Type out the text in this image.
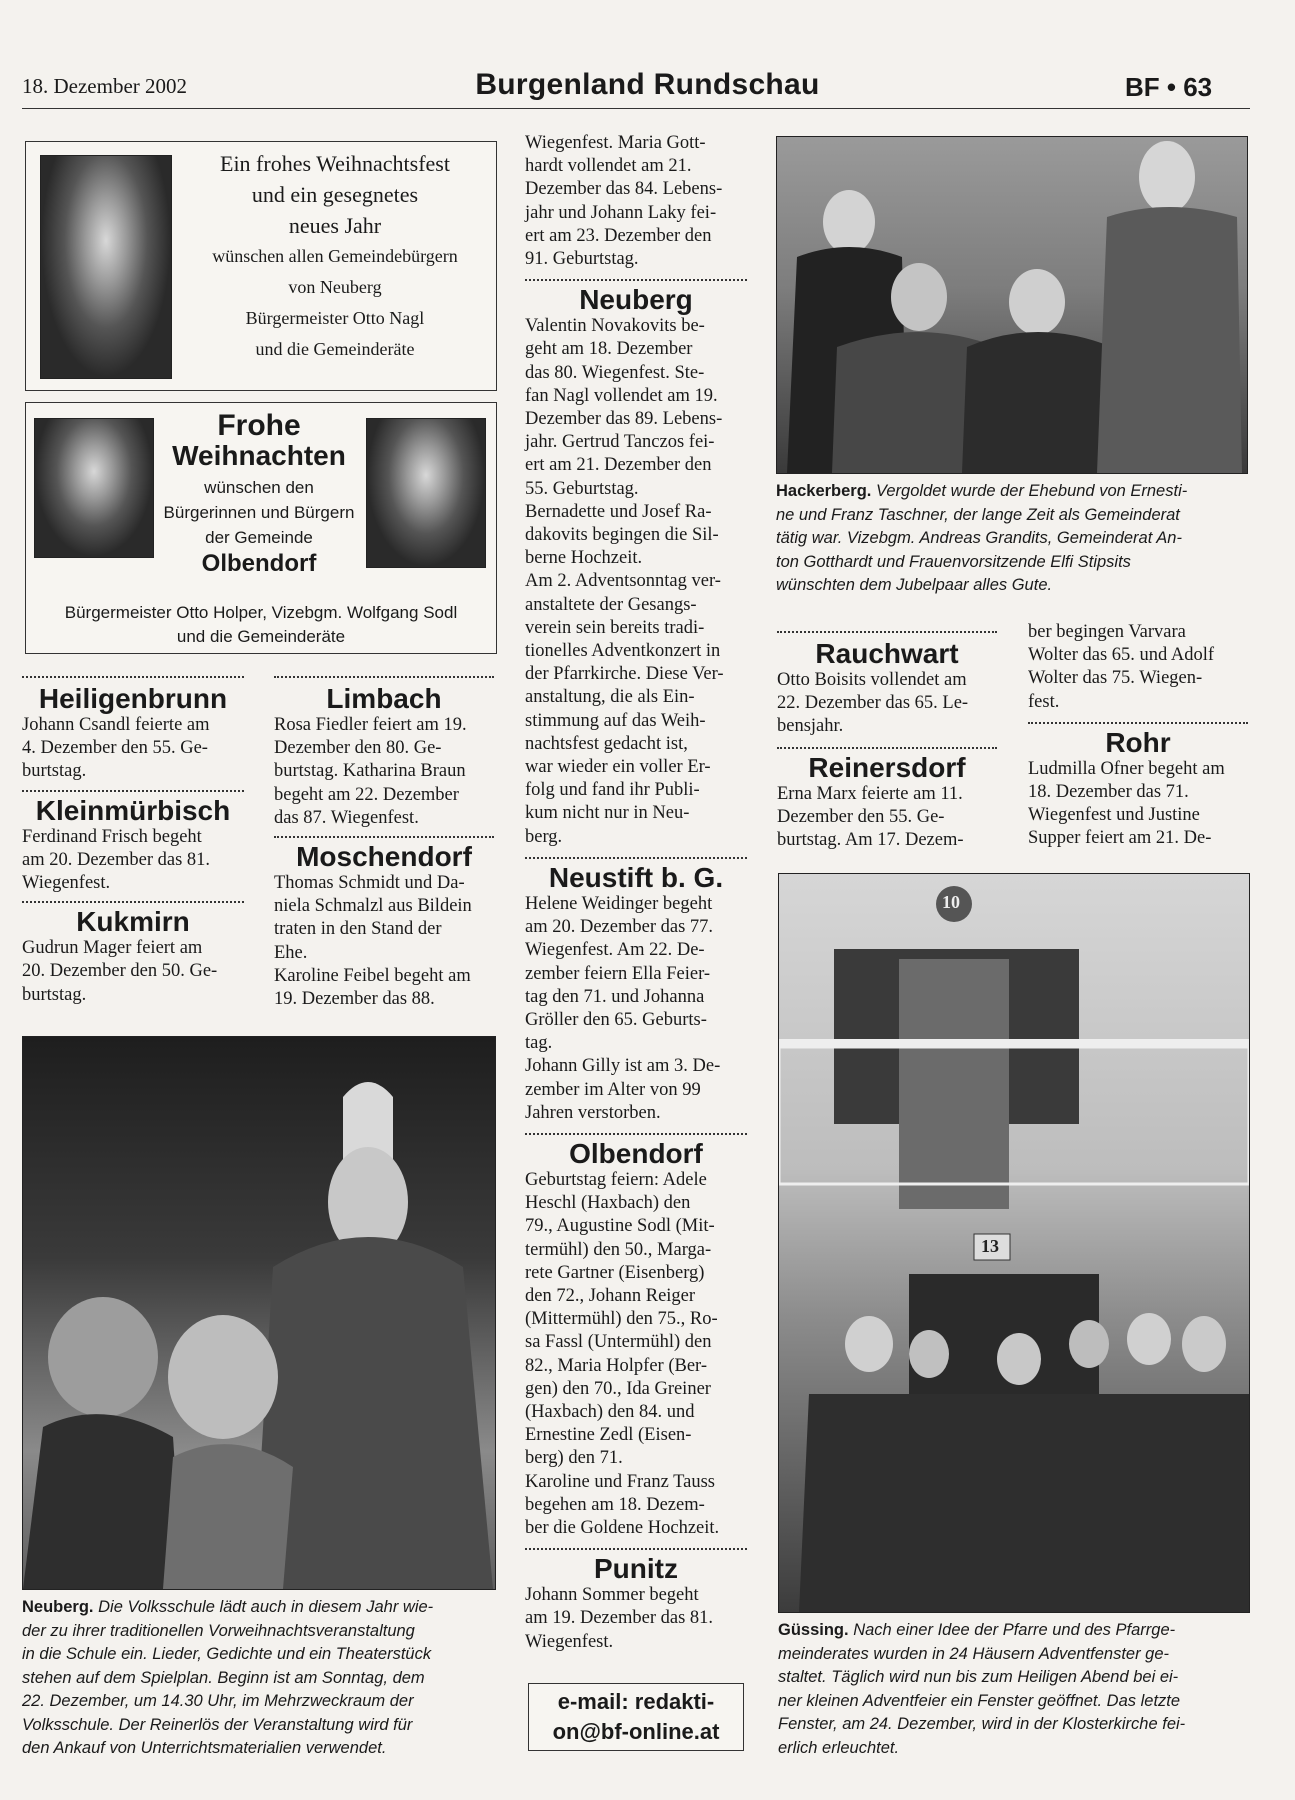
18. Dezember 2002	Burgenland Rundschau	BF • 63
Ein frohes Weihnachtsfest
und ein gesegnetes
neues Jahr
wünschen allen Gemeindebürgern
von Neuberg
Bürgermeister Otto Nagl
und die Gemeinderäte
Frohe
Weihnachten
wünschen den
Bürgerinnen und Bürgern
der Gemeinde
Olbendorf
Bürgermeister Otto Holper, Vizebgm. Wolfgang Sodl
und die Gemeinderäte
Heiligenbrunn
Johann Csandl feierte am
4. Dezember den 55. Ge-
burtstag.
Kleinmürbisch
Ferdinand Frisch begeht
am 20. Dezember das 81.
Wiegenfest.
Kukmirn
Gudrun Mager feiert am
20. Dezember den 50. Ge-
burtstag.
Limbach
Rosa Fiedler feiert am 19.
Dezember den 80. Ge-
burtstag. Katharina Braun
begeht am 22. Dezember
das 87. Wiegenfest.
Moschendorf
Thomas Schmidt und Da-
niela Schmalzl aus Bildein
traten in den Stand der
Ehe.
Karoline Feibel begeht am
19. Dezember das 88.
Neuberg. Die Volksschule lädt auch in diesem Jahr wie-
der zu ihrer traditionellen Vorweihnachtsveranstaltung
in die Schule ein. Lieder, Gedichte und ein Theaterstück
stehen auf dem Spielplan. Beginn ist am Sonntag, dem
22. Dezember, um 14.30 Uhr, im Mehrzweckraum der
Volksschule. Der Reinerlös der Veranstaltung wird für
den Ankauf von Unterrichtsmaterialien verwendet.
Wiegenfest. Maria Gott-
hardt vollendet am 21.
Dezember das 84. Lebens-
jahr und Johann Laky fei-
ert am 23. Dezember den
91. Geburtstag.
Neuberg
Valentin Novakovits be-
geht am 18. Dezember
das 80. Wiegenfest. Ste-
fan Nagl vollendet am 19.
Dezember das 89. Lebens-
jahr. Gertrud Tanczos fei-
ert am 21. Dezember den
55. Geburtstag.
Bernadette und Josef Ra-
dakovits begingen die Sil-
berne Hochzeit.
Am 2. Adventsonntag ver-
anstaltete der Gesangs-
verein sein bereits tradi-
tionelles Adventkonzert in
der Pfarrkirche. Diese Ver-
anstaltung, die als Ein-
stimmung auf das Weih-
nachtsfest gedacht ist,
war wieder ein voller Er-
folg und fand ihr Publi-
kum nicht nur in Neu-
berg.
Neustift b. G.
Helene Weidinger begeht
am 20. Dezember das 77.
Wiegenfest. Am 22. De-
zember feiern Ella Feier-
tag den 71. und Johanna
Gröller den 65. Geburts-
tag.
Johann Gilly ist am 3. De-
zember im Alter von 99
Jahren verstorben.
Olbendorf
Geburtstag feiern: Adele
Heschl (Haxbach) den
79., Augustine Sodl (Mit-
termühl) den 50., Marga-
rete Gartner (Eisenberg)
den 72., Johann Reiger
(Mittermühl) den 75., Ro-
sa Fassl (Untermühl) den
82., Maria Holpfer (Ber-
gen) den 70., Ida Greiner
(Haxbach) den 84. und
Ernestine Zedl (Eisen-
berg) den 71.
Karoline und Franz Tauss
begehen am 18. Dezem-
ber die Goldene Hochzeit.
Punitz
Johann Sommer begeht
am 19. Dezember das 81.
Wiegenfest.
e-mail: redakti-
on@bf-online.at
Hackerberg. Vergoldet wurde der Ehebund von Ernesti-
ne und Franz Taschner, der lange Zeit als Gemeinderat
tätig war. Vizebgm. Andreas Grandits, Gemeinderat An-
ton Gotthardt und Frauenvorsitzende Elfi Stipsits
wünschten dem Jubelpaar alles Gute.
Rauchwart
Otto Boisits vollendet am
22. Dezember das 65. Le-
bensjahr.
Reinersdorf
Erna Marx feierte am 11.
Dezember den 55. Ge-
burtstag. Am 17. Dezem-
ber begingen Varvara
Wolter das 65. und Adolf
Wolter das 75. Wiegen-
fest.
Rohr
Ludmilla Ofner begeht am
18. Dezember das 71.
Wiegenfest und Justine
Supper feiert am 21. De-
10
13
Güssing. Nach einer Idee der Pfarre und des Pfarrge-
meinderates wurden in 24 Häusern Adventfenster ge-
staltet. Täglich wird nun bis zum Heiligen Abend bei ei-
ner kleinen Adventfeier ein Fenster geöffnet. Das letzte
Fenster, am 24. Dezember, wird in der Klosterkirche fei-
erlich erleuchtet.
